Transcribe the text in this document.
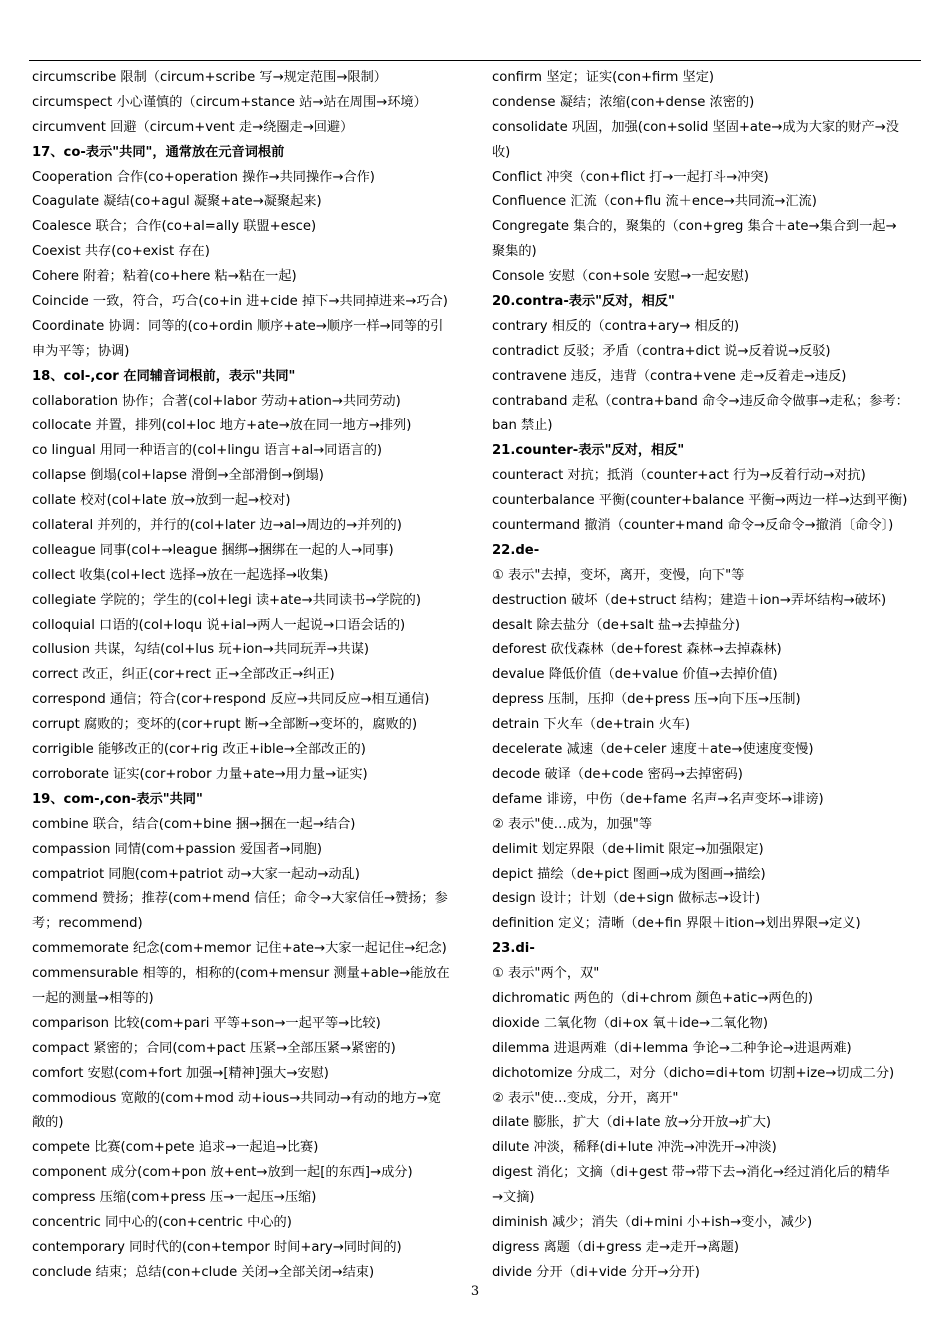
circumscribe 限制（circum+scribe 写→规定范围→限制）
circumspect 小心谨慎的（circum+stance 站→站在周围→环境）
circumvent 回避（circum+vent 走→绕圈走→回避）
17、co-表示"共同"，通常放在元音词根前
Cooperation 合作(co+operation 操作→共同操作→合作)
Coagulate 凝结(co+agul 凝聚+ate→凝聚起来)
Coalesce 联合；合作(co+al=ally 联盟+esce)
Coexist 共存(co+exist 存在)
Cohere 附着；粘着(co+here 粘→粘在一起)
Coincide 一致，符合，巧合(co+in 进+cide 掉下→共同掉进来→巧合)
Coordinate 协调：同等的(co+ordin 顺序+ate→顺序一样→同等的引
申为平等；协调)
18、col-,cor 在同辅音词根前，表示"共同"
collaboration 协作；合著(col+labor 劳动+ation→共同劳动)
collocate 并置，排列(col+loc 地方+ate→放在同一地方→排列)
co lingual 用同一种语言的(col+lingu 语言+al→同语言的)
collapse 倒塌(col+lapse 滑倒→全部滑倒→倒塌)
collate 校对(col+late 放→放到一起→校对)
collateral 并列的，并行的(col+later 边→al→周边的→并列的)
colleague 同事(col+→league 捆绑→捆绑在一起的人→同事)
collect 收集(col+lect 选择→放在一起选择→收集)
collegiate 学院的；学生的(col+legi 读+ate→共同读书→学院的)
colloquial 口语的(col+loqu 说+ial→两人一起说→口语会话的)
collusion 共谋，勾结(col+lus 玩+ion→共同玩弄→共谋)
correct 改正，纠正(cor+rect 正→全部改正→纠正)
correspond 通信；符合(cor+respond 反应→共同反应→相互通信)
corrupt 腐败的；变坏的(cor+rupt 断→全部断→变坏的，腐败的)
corrigible 能够改正的(cor+rig 改正+ible→全部改正的)
corroborate 证实(cor+robor 力量+ate→用力量→证实)
19、com-,con-表示"共同"
combine 联合，结合(com+bine 捆→捆在一起→结合)
compassion 同情(com+passion 爱国者→同胞)
compatriot 同胞(com+patriot 动→大家一起动→动乱)
commend 赞扬；推荐(com+mend 信任；命令→大家信任→赞扬；参
考；recommend)
commemorate 纪念(com+memor 记住+ate→大家一起记住→纪念)
commensurable 相等的，相称的(com+mensur 测量+able→能放在
一起的测量→相等的)
comparison 比较(com+pari 平等+son→一起平等→比较)
compact 紧密的；合同(com+pact 压紧→全部压紧→紧密的)
comfort 安慰(com+fort 加强→[精神]强大→安慰)
commodious 宽敞的(com+mod 动+ious→共同动→有动的地方→宽
敞的)
compete 比赛(com+pete 追求→一起追→比赛)
component 成分(com+pon 放+ent→放到一起[的东西]→成分)
compress 压缩(com+press 压→一起压→压缩)
concentric 同中心的(con+centric 中心的)
contemporary 同时代的(con+tempor 时间+ary→同时间的)
conclude 结束；总结(con+clude 关闭→全部关闭→结束)
confirm 坚定；证实(con+firm 坚定)
condense 凝结；浓缩(con+dense 浓密的)
consolidate 巩固，加强(con+solid 坚固+ate→成为大家的财产→没
收)
Conflict 冲突（con+flict 打→一起打斗→冲突)
Confluence 汇流（con+flu 流＋ence→共同流→汇流)
Congregate 集合的，聚集的（con+greg 集合＋ate→集合到一起→
聚集的)
Console 安慰（con+sole 安慰→一起安慰)
20.contra-表示"反对，相反"
contrary 相反的（contra+ary→ 相反的)
contradict 反驳；矛盾（contra+dict 说→反着说→反驳)
contravene 违反，违背（contra+vene 走→反着走→违反)
contraband 走私（contra+band 命令→违反命令做事→走私；参考：
ban 禁止)
21.counter-表示"反对，相反"
counteract 对抗；抵消（counter+act 行为→反着行动→对抗)
counterbalance 平衡(counter+balance 平衡→两边一样→达到平衡)
countermand 撤消（counter+mand 命令→反命令→撤消〔命令〕)
22.de-
① 表示"去掉，变坏，离开，变慢，向下"等
destruction 破坏（de+struct 结构；建造＋ion→弄坏结构→破坏)
desalt 除去盐分（de+salt 盐→去掉盐分)
deforest 砍伐森林（de+forest 森林→去掉森林)
devalue 降低价值（de+value 价值→去掉价值)
depress 压制，压抑（de+press 压→向下压→压制)
detrain 下火车（de+train 火车)
decelerate 减速（de+celer 速度＋ate→使速度变慢)
decode 破译（de+code 密码→去掉密码)
defame 诽谤，中伤（de+fame 名声→名声变坏→诽谤)
② 表示"使…成为，加强"等
delimit 划定界限（de+limit 限定→加强限定)
depict 描绘（de+pict 图画→成为图画→描绘)
design 设计；计划（de+sign 做标志→设计)
definition 定义；清晰（de+fin 界限＋ition→划出界限→定义)
23.di-
① 表示"两个，双"
dichromatic 两色的（di+chrom 颜色+atic→两色的)
dioxide 二氧化物（di+ox 氧＋ide→二氧化物)
dilemma 进退两难（di+lemma 争论→二种争论→进退两难)
dichotomize 分成二，对分（dicho=di+tom 切割+ize→切成二分)
② 表示"使…变成，分开，离开"
dilate 膨胀，扩大（di+late 放→分开放→扩大)
dilute 冲淡，稀释(di+lute 冲洗→冲洗开→冲淡)
digest 消化；文摘（di+gest 带→带下去→消化→经过消化后的精华
→文摘)
diminish 减少；消失（di+mini 小+ish→变小，减少)
digress 离题（di+gress 走→走开→离题)
divide 分开（di+vide 分开→分开)
3
